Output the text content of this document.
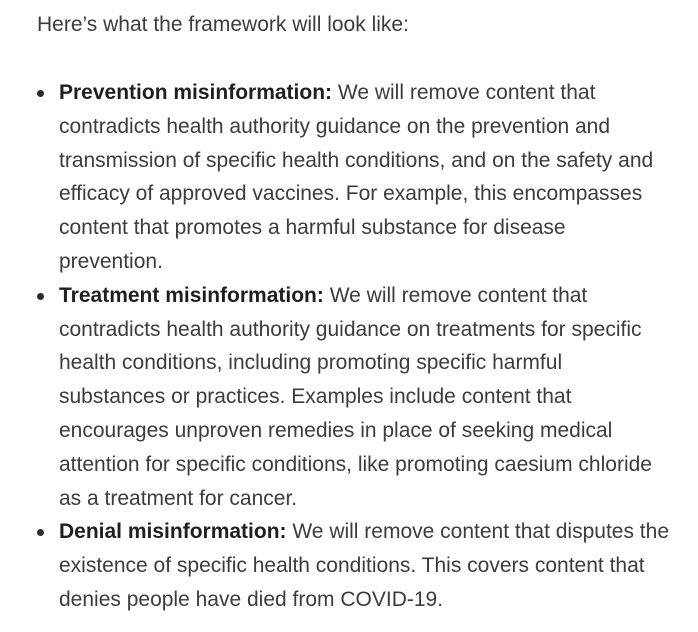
Here’s what the framework will look like:

Prevention misinformation: We will remove content that contradicts health authority guidance on the prevention and transmission of specific health conditions, and on the safety and efficacy of approved vaccines. For example, this encompasses content that promotes a harmful substance for disease prevention.
Treatment misinformation: We will remove content that contradicts health authority guidance on treatments for specific health conditions, including promoting specific harmful substances or practices. Examples include content that encourages unproven remedies in place of seeking medical attention for specific conditions, like promoting caesium chloride as a treatment for cancer.
Denial misinformation: We will remove content that disputes the existence of specific health conditions. This covers content that denies people have died from COVID-19.
